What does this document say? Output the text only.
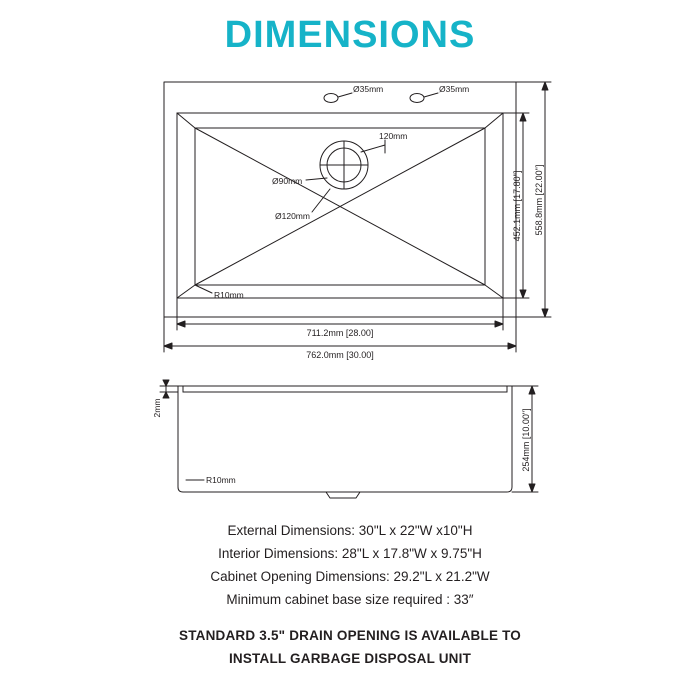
DIMENSIONS
Ø35mm	Ø35mm
120mm
Ø90mm
Ø120mm
R10mm
711.2mm [28.00]
762.0mm [30.00]
452.1mm [17.80"] 558.8mm [22.00"]
R10mm
2mm
254mm [10.00"]
External Dimensions: 30"L x 22"W x10"H
Interior Dimensions: 28"L x 17.8"W x 9.75"H
Cabinet Opening Dimensions: 29.2"L x 21.2"W
Minimum cabinet base size required : 33″
STANDARD 3.5" DRAIN OPENING IS AVAILABLE TO
INSTALL GARBAGE DISPOSAL UNIT
